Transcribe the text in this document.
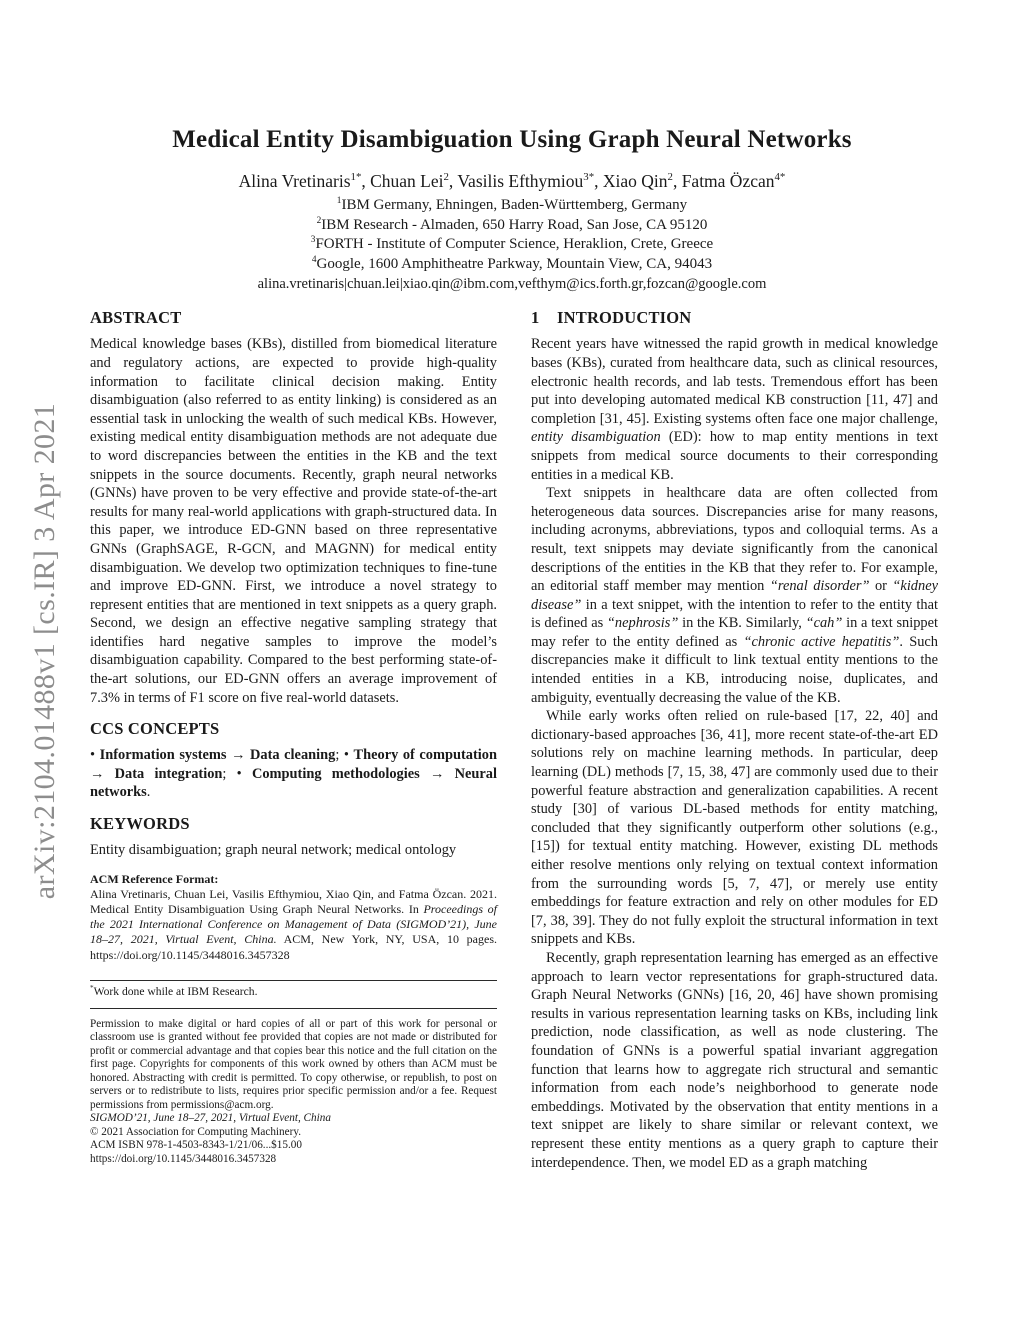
arXiv:2104.01488v1 [cs.IR] 3 Apr 2021
Medical Entity Disambiguation Using Graph Neural Networks
Alina Vretinaris$^{1*}$, Chuan Lei$^2$, Vasilis Efthymiou$^{3*}$, Xiao Qin$^2$, Fatma Özcan$^{4*}$
$^1$IBM Germany, Ehningen, Baden-Württemberg, Germany
$^2$IBM Research - Almaden, 650 Harry Road, San Jose, CA 95120
$^3$FORTH - Institute of Computer Science, Heraklion, Crete, Greece
$^4$Google, 1600 Amphitheatre Parkway, Mountain View, CA, 94043
alina.vretinaris|chuan.lei|xiao.qin@ibm.com,vefthym@ics.forth.gr,fozcan@google.com
ABSTRACT

Medical knowledge bases (KBs), distilled from biomedical literature and regulatory actions, are expected to provide high-quality information to facilitate clinical decision making. Entity disambiguation (also referred to as entity linking) is considered as an essential task in unlocking the wealth of such medical KBs. However, existing medical entity disambiguation methods are not adequate due to word discrepancies between the entities in the KB and the text snippets in the source documents. Recently, graph neural networks (GNNs) have proven to be very effective and provide state-of-the-art results for many real-world applications with graph-structured data. In this paper, we introduce ED-GNN based on three representative GNNs (GraphSAGE, R-GCN, and MAGNN) for medical entity disambiguation. We develop two optimization techniques to fine-tune and improve ED-GNN. First, we introduce a novel strategy to represent entities that are mentioned in text snippets as a query graph. Second, we design an effective negative sampling strategy that identifies hard negative samples to improve the model’s disambiguation capability. Compared to the best performing state-of-the-art solutions, our ED-GNN offers an average improvement of 7.3% in terms of F1 score on five real-world datasets.

CCS CONCEPTS

• Information systems → Data cleaning; • Theory of computation → Data integration; • Computing methodologies → Neural networks.

KEYWORDS

Entity disambiguation; graph neural network; medical ontology

ACM Reference Format:

Alina Vretinaris, Chuan Lei, Vasilis Efthymiou, Xiao Qin, and Fatma Özcan. 2021. Medical Entity Disambiguation Using Graph Neural Networks. In Proceedings of the 2021 International Conference on Management of Data (SIGMOD’21), June 18–27, 2021, Virtual Event, China. ACM, New York, NY, USA, 10 pages. https://doi.org/10.1145/3448016.3457328

*Work done while at IBM Research.

Permission to make digital or hard copies of all or part of this work for personal or classroom use is granted without fee provided that copies are not made or distributed for profit or commercial advantage and that copies bear this notice and the full citation on the first page. Copyrights for components of this work owned by others than ACM must be honored. Abstracting with credit is permitted. To copy otherwise, or republish, to post on servers or to redistribute to lists, requires prior specific permission and/or a fee. Request permissions from permissions@acm.org.

SIGMOD’21, June 18–27, 2021, Virtual Event, China

© 2021 Association for Computing Machinery.

ACM ISBN 978-1-4503-8343-1/21/06...$15.00

https://doi.org/10.1145/3448016.3457328

1 INTRODUCTION

Recent years have witnessed the rapid growth in medical knowledge bases (KBs), curated from healthcare data, such as clinical resources, electronic health records, and lab tests. Tremendous effort has been put into developing automated medical KB construction [11, 47] and completion [31, 45]. Existing systems often face one major challenge, entity disambiguation (ED): how to map entity mentions in text snippets from medical source documents to their corresponding entities in a medical KB.

Text snippets in healthcare data are often collected from heterogeneous data sources. Discrepancies arise for many reasons, including acronyms, abbreviations, typos and colloquial terms. As a result, text snippets may deviate significantly from the canonical descriptions of the entities in the KB that they refer to. For example, an editorial staff member may mention “renal disorder” or “kidney disease” in a text snippet, with the intention to refer to the entity that is defined as “nephrosis” in the KB. Similarly, “cah” in a text snippet may refer to the entity defined as “chronic active hepatitis”. Such discrepancies make it difficult to link textual entity mentions to the intended entities in a KB, introducing noise, duplicates, and ambiguity, eventually decreasing the value of the KB.

While early works often relied on rule-based [17, 22, 40] and dictionary-based approaches [36, 41], more recent state-of-the-art ED solutions rely on machine learning methods. In particular, deep learning (DL) methods [7, 15, 38, 47] are commonly used due to their powerful feature abstraction and generalization capabilities. A recent study [30] of various DL-based methods for entity matching, concluded that they significantly outperform other solutions (e.g., [15]) for textual entity matching. However, existing DL methods either resolve mentions only relying on textual context information from the surrounding words [5, 7, 47], or merely use entity embeddings for feature extraction and rely on other modules for ED [7, 38, 39]. They do not fully exploit the structural information in text snippets and KBs.

Recently, graph representation learning has emerged as an effective approach to learn vector representations for graph-structured data. Graph Neural Networks (GNNs) [16, 20, 46] have shown promising results in various representation learning tasks on KBs, including link prediction, node classification, as well as node clustering. The foundation of GNNs is a powerful spatial invariant aggregation function that learns how to aggregate rich structural and semantic information from each node’s neighborhood to generate node embeddings. Motivated by the observation that entity mentions in a text snippet are likely to share similar or relevant context, we represent these entity mentions as a query graph to capture their interdependence. Then, we model ED as a graph matching
